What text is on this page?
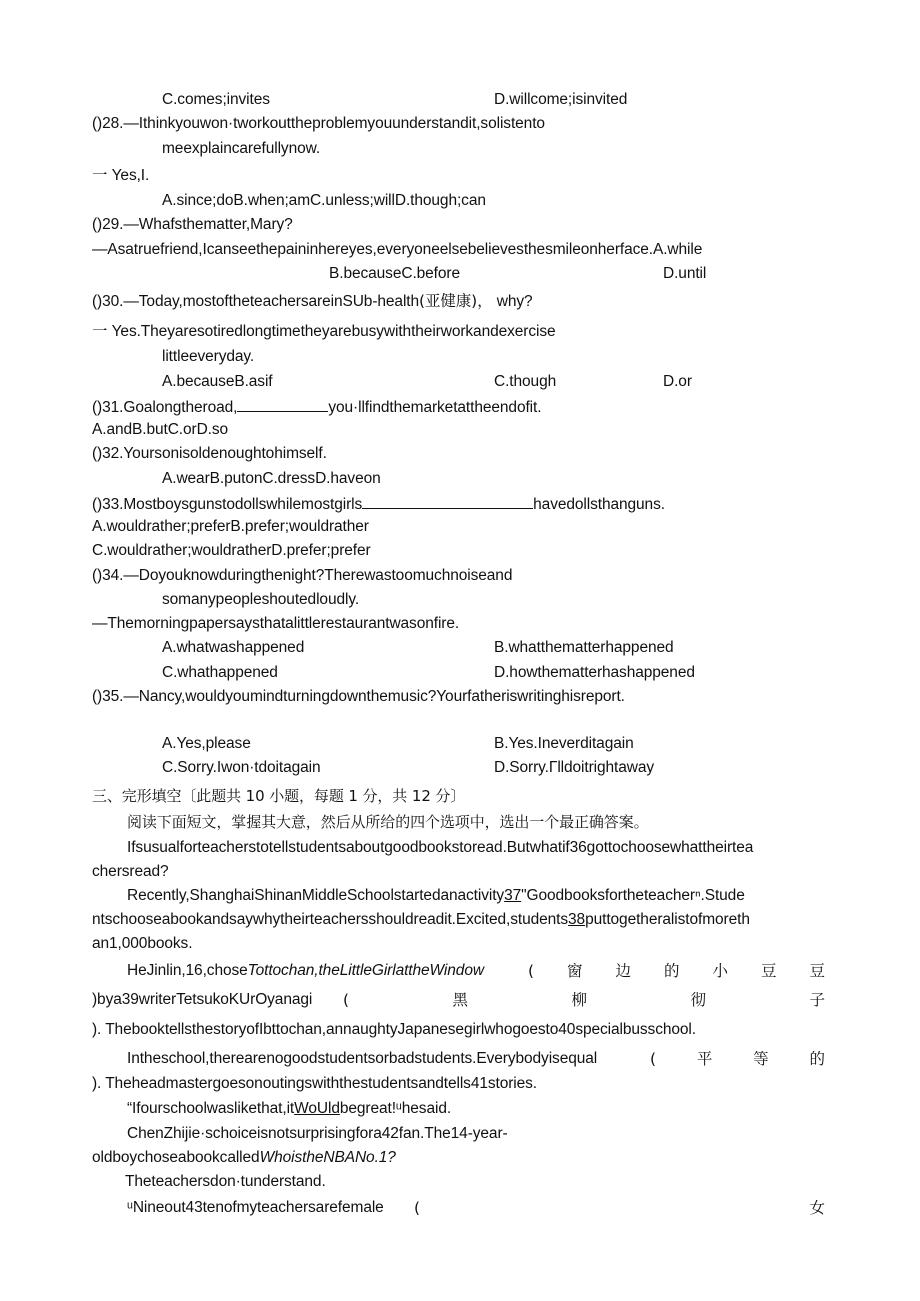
C.comes;invites	D.willcome;isinvited
()28.—Ithinkyouwon·tworkouttheproblemyouunderstandit,solistento
meexplaincarefullynow.
一 Yes,I.
A.since;doB.when;amC.unless;willD.though;can
()29.—Whafsthematter,Mary?
—Asatruefriend,Icanseethepaininhereyes,everyoneelsebelievesthesmileonherface.A.while
B.becauseC.before	D.until
()30.—Today,mostoftheteachersareinSUb-health(亚健康)， why?
一 Yes.Theyaresotiredlongtimetheyarebusywiththeirworkandexercise
littleeveryday.
A.becauseB.asif	C.though	D.or
()31.Goalongtheroad,	you·llfindthemarketattheendofit.
A.andB.butC.orD.so
()32.Yoursonisoldenoughtohimself.
A.wearB.putonC.dressD.haveon
()33.Mostboysgunstodollswhilemostgirls	havedollsthanguns.
A.wouldrather;preferB.prefer;wouldrather
C.wouldrather;wouldratherD.prefer;prefer
()34.—Doyouknowduringthenight?Therewastoomuchnoiseand
somanypeopleshoutedloudly.
—Themorningpapersaysthatalittlerestaurantwasonfire.
A.whatwashappened	B.whatthematterhappened
C.whathappened	D.howthematterhashappened
()35.—Nancy,wouldyoumindturningdownthemusic?Yourfatheriswritinghisreport.
A.Yes,please	B.Yes.Ineverditagain
C.Sorry.Iwon·tdoitagain	D.Sorry.Γlldoitrightaway
三、完形填空〔此题共 10 小题，每题 1 分，共 12 分〕
阅读下面短文，掌握其大意，然后从所给的四个选项中，选出一个最正确答案。
Ifsusualforteacherstotellstudentsaboutgoodbookstoread.Butwhatif36gottochoosewhattheirtea
chersread?
Recently,ShanghaiShinanMiddleSchoolstartedanactivity37"Goodbooksfortheteacherⁿ.Stude
ntschooseabookandsaywhytheirteachersshouldreadit.Excited,students38puttogetheralistofmoreth
an1,000books.
HeJinlin,16,choseTottochan,theLittleGirlattheWindow	( 窗 边 的 小 豆 豆
)bya39writerTetsukoKUrOyanagi (	黑	柳	彻	子
). ThebooktellsthestoryofIbttochan,annaughtyJapanesegirlwhogoesto40specialbusschool.
Intheschool,therearenogoodstudentsorbadstudents.Everybodyisequal	(	平	等	的
). Theheadmastergoesonoutingswiththestudentsandtells41stories.
“Ifourschoolwaslikethat,itWoUldbegreat!ᵘhesaid.
ChenZhijie·schoiceisnotsurprisingfora42fan.The14-year-
oldboychoseabookcalledWhoistheNBANo.1?
Theteachersdon·tunderstand.
ᵘNineout43tenofmyteachersarefemale (	女
